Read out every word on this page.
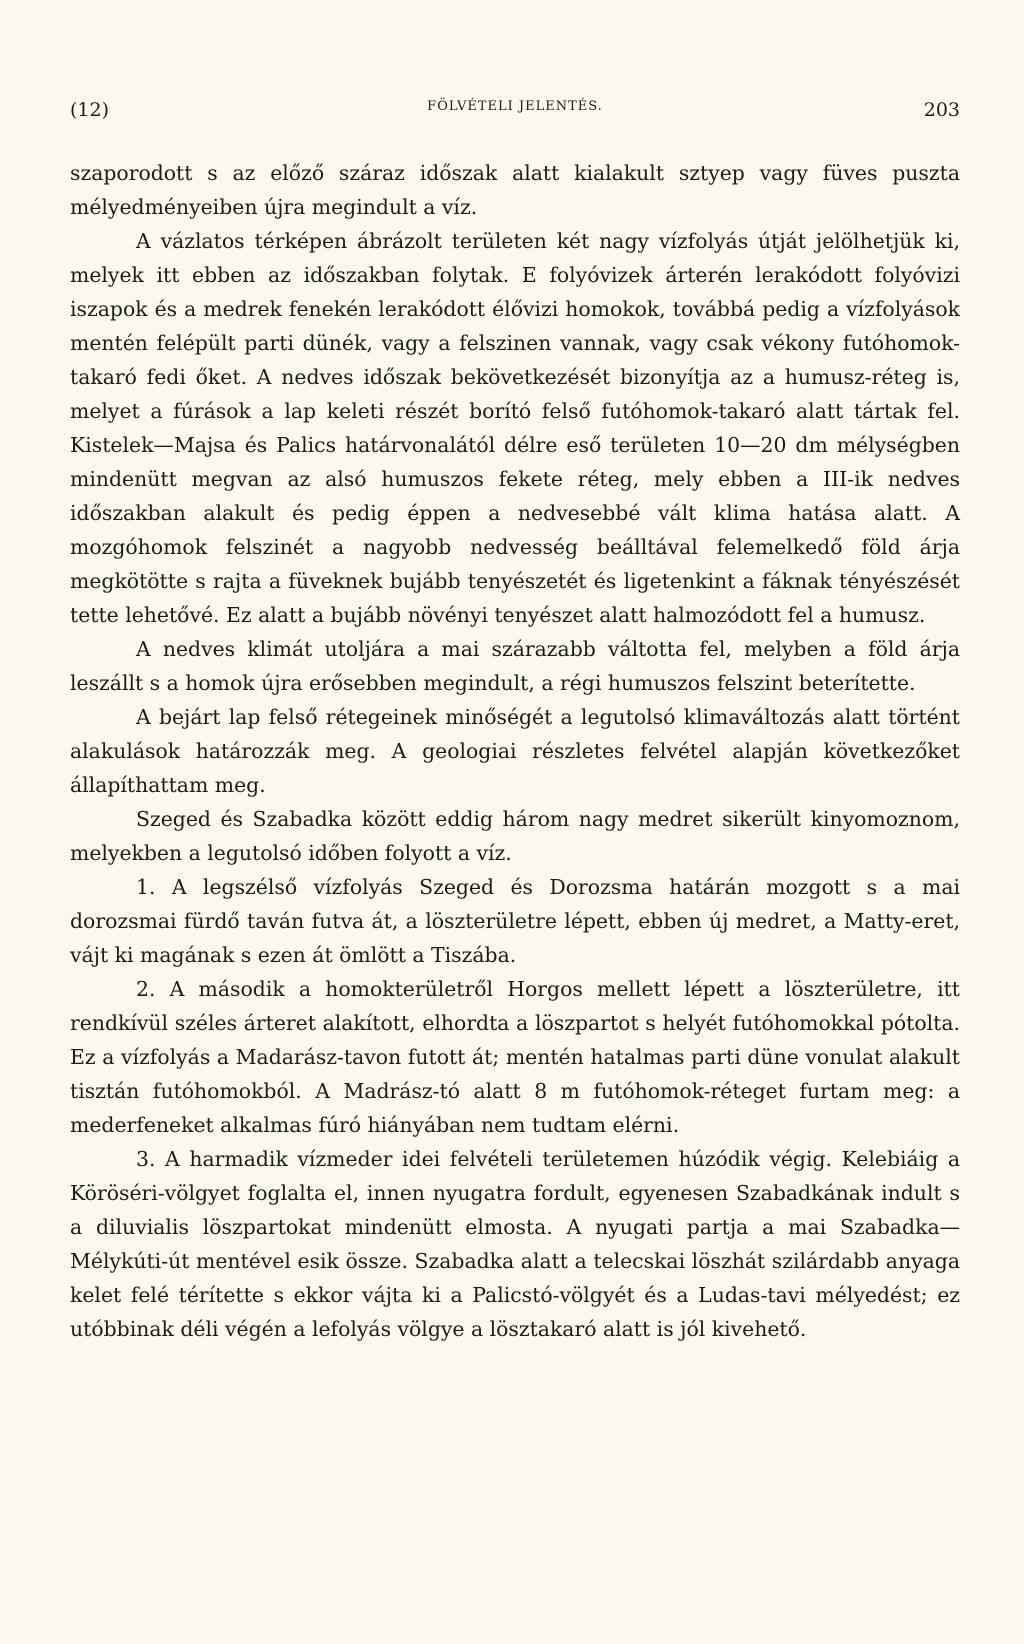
(12)	FÖLVÉTELI JELENTÉS.	203

szaporodott s az előző száraz időszak alatt kialakult sztyep vagy füves puszta mélyedményeiben újra megindult a víz.

A vázlatos térképen ábrázolt területen két nagy vízfolyás útját jelölhetjük ki, melyek itt ebben az időszakban folytak. E folyóvizek árterén lerakódott folyóvizi iszapok és a medrek fenekén lerakódott élővizi homokok, továbbá pedig a vízfolyások mentén felépült parti dünék, vagy a felszinen vannak, vagy csak vékony futóhomok-takaró fedi őket. A nedves időszak bekövetkezését bizonyítja az a humusz-réteg is, melyet a fúrások a lap keleti részét borító felső futóhomok-takaró alatt tártak fel. Kistelek—Majsa és Palics határvonalától délre eső területen 10—20 dm mélységben mindenütt megvan az alsó humuszos fekete réteg, mely ebben a III-ik nedves időszakban alakult és pedig éppen a nedvesebbé vált klima hatása alatt. A mozgóhomok felszinét a nagyobb nedvesség beálltával felemelkedő föld árja megkötötte s rajta a füveknek bujább tenyészetét és ligetenkint a fáknak tényészését tette lehetővé. Ez alatt a bujább növényi tenyészet alatt halmozódott fel a humusz.

A nedves klimát utoljára a mai szárazabb váltotta fel, melyben a föld árja leszállt s a homok újra erősebben megindult, a régi humuszos felszint beterítette.

A bejárt lap felső rétegeinek minőségét a legutolsó klimaváltozás alatt történt alakulások határozzák meg. A geologiai részletes felvétel alapján következőket állapíthattam meg.

Szeged és Szabadka között eddig három nagy medret sikerült kinyomoznom, melyekben a legutolsó időben folyott a víz.

1. A legszélső vízfolyás Szeged és Dorozsma határán mozgott s a mai dorozsmai fürdő taván futva át, a löszterületre lépett, ebben új medret, a Matty-eret, vájt ki magának s ezen át ömlött a Tiszába.

2. A második a homokterületről Horgos mellett lépett a löszterületre, itt rendkívül széles árteret alakított, elhordta a löszpartot s helyét futóhomokkal pótolta. Ez a vízfolyás a Madarász-tavon futott át; mentén hatalmas parti düne vonulat alakult tisztán futóhomokból. A Madrász-tó alatt 8 m futóhomok-réteget furtam meg: a mederfeneket alkalmas fúró hiányában nem tudtam elérni.

3. A harmadik vízmeder idei felvételi területemen húzódik végig. Kelebiáig a Köröséri-völgyet foglalta el, innen nyugatra fordult, egyenesen Szabadkának indult s a diluvialis löszpartokat mindenütt elmosta. A nyugati partja a mai Szabadka—Mélykúti-út mentével esik össze. Szabadka alatt a telecskai löszhát szilárdabb anyaga kelet felé térítette s ekkor vájta ki a Palicstó-völgyét és a Ludas-tavi mélyedést; ez utóbbinak déli végén a lefolyás völgye a lösztakaró alatt is jól kivehető.
